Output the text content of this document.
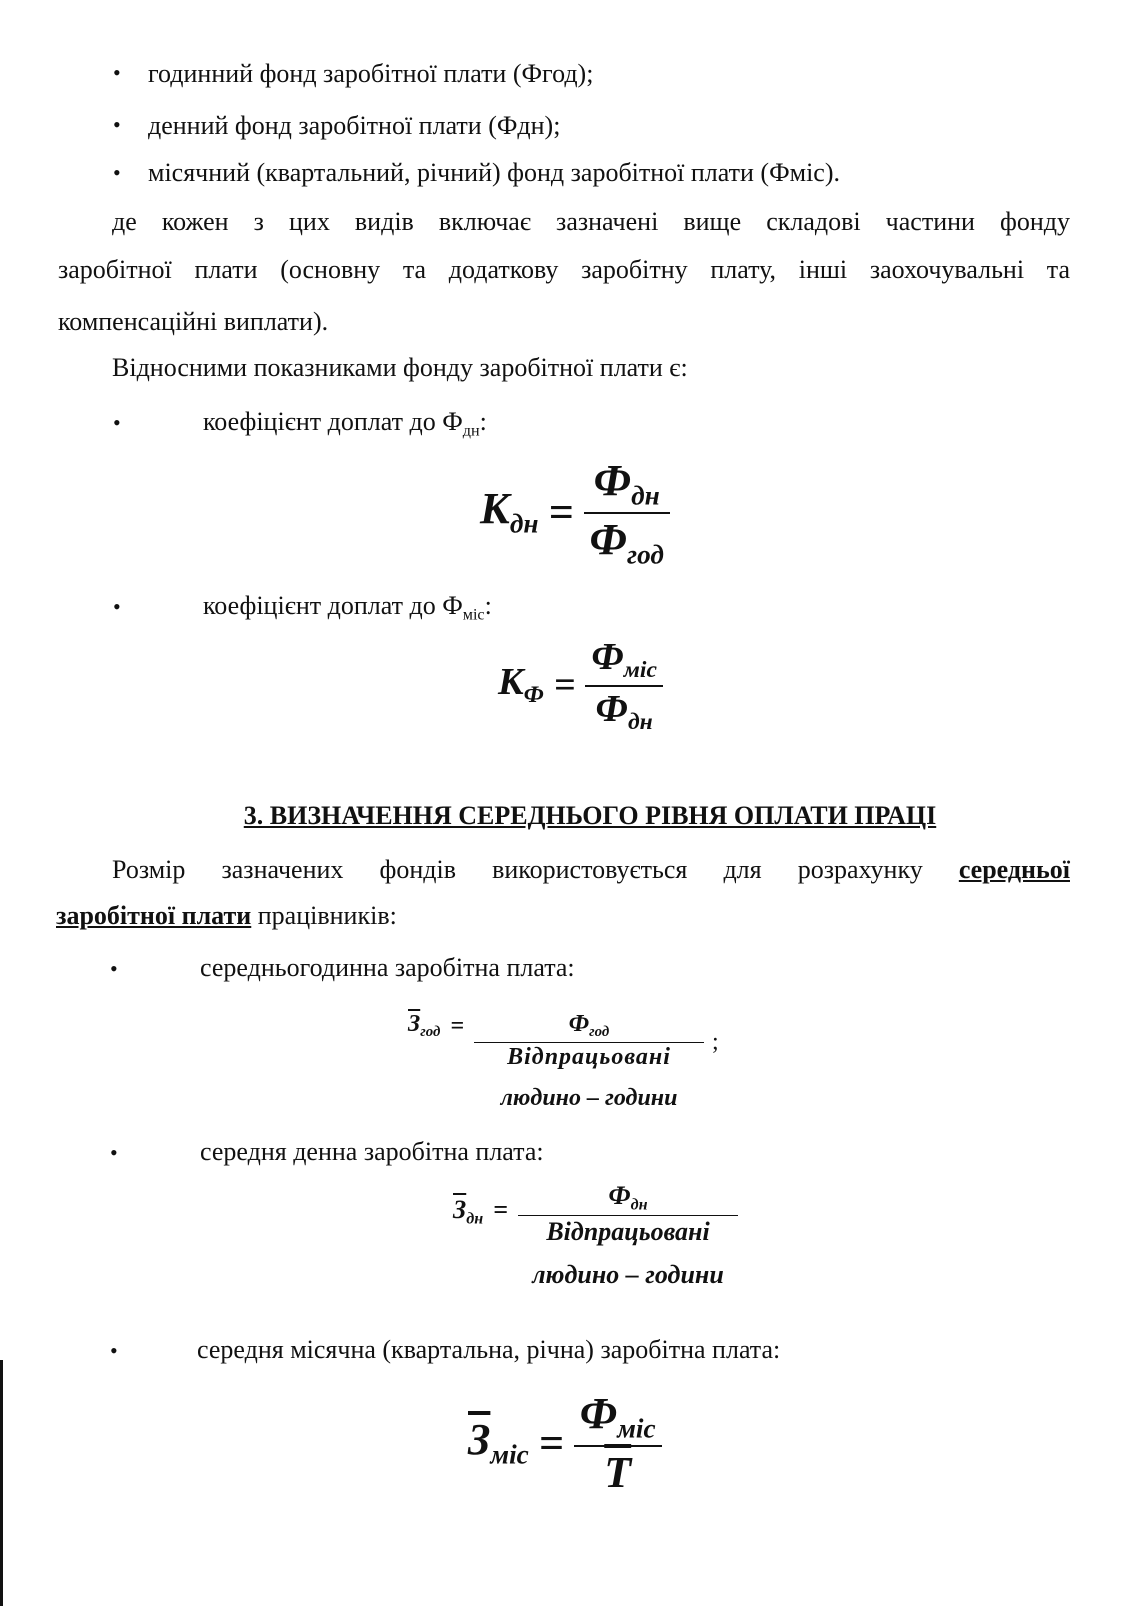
• годинний фонд заробітної плати (Фгод);
• денний фонд заробітної плати (Фдн);
• місячний (квартальний, річний) фонд заробітної плати (Фміс).
де кожен з цих видів включає зазначені вище складові частини фонду
заробітної плати (основну та додаткову заробітну плату, інші заохочувальні та
компенсаційні виплати).
Відносними показниками фонду заробітної плати є:
•	коефіцієнт доплат до $Ф_{дн}$:
$К_{дн} = \frac{Ф_{дн}}{Ф_{год}}$
•	коефіцієнт доплат до $Ф_{міс}$:
$К_Ф = \frac{Ф_{міс}}{Ф_{дн}}$
3. ВИЗНАЧЕННЯ СЕРЕДНЬОГО РІВНЯ ОПЛАТИ ПРАЦІ
Розмір зазначених фондів використовується для розрахунку середньої
заробітної плати працівників:
•	середньогодинна заробітна плата:
$З_{год}$ =	$Ф_{год}$
Відпрацьовані
людино – години
;
•	середня денна заробітна плата:
$З_{дн}$ =	$Ф_{дн}$
Відпрацьовані
людино – години
•	середня місячна (квартальна, річна) заробітна плата:
$З_{міс} = \frac{Ф_{міс}}{Т}$
